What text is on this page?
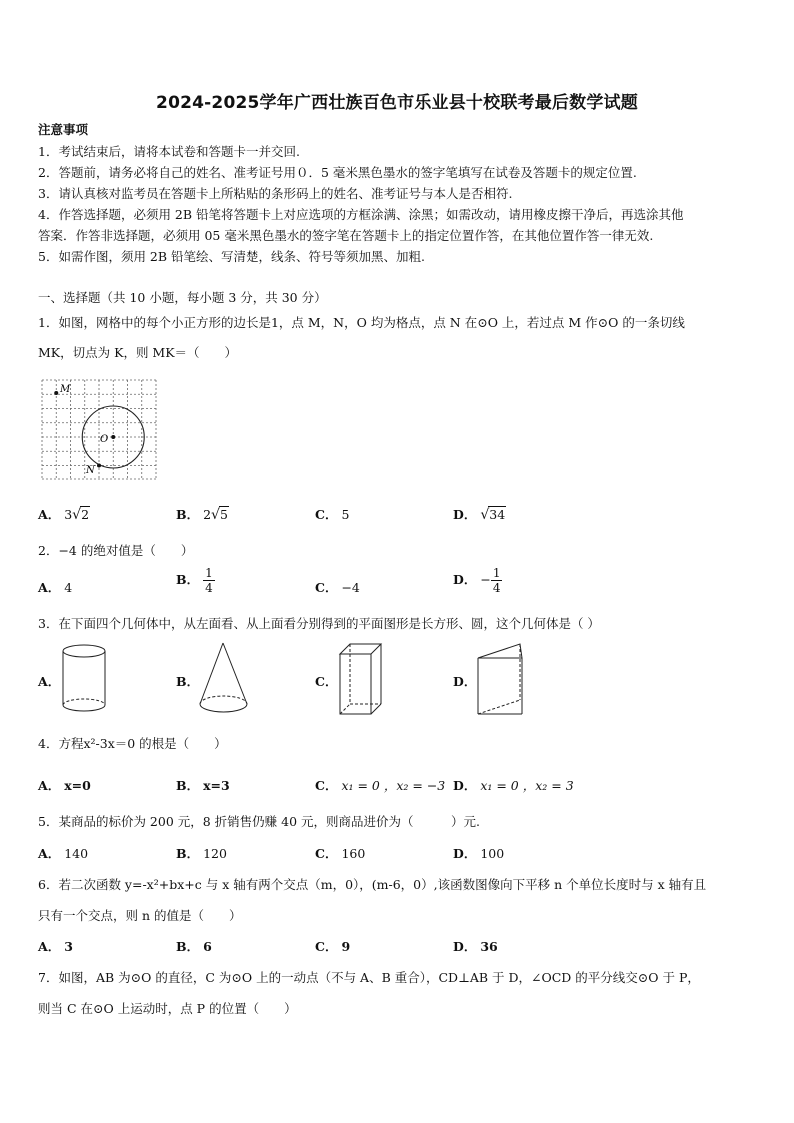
2024-2025学年广西壮族百色市乐业县十校联考最后数学试题
注意事项
1．考试结束后，请将本试卷和答题卡一并交回.
2．答题前，请务必将自己的姓名、准考证号用０．5 毫米黑色墨水的签字笔填写在试卷及答题卡的规定位置.
3．请认真核对监考员在答题卡上所粘贴的条形码上的姓名、准考证号与本人是否相符.
4．作答选择题，必须用 2B 铅笔将答题卡上对应选项的方框涂满、涂黑；如需改动，请用橡皮擦干净后，再选涂其他
答案．作答非选择题，必须用 05 毫米黑色墨水的签字笔在答题卡上的指定位置作答，在其他位置作答一律无效.
5．如需作图，须用 2B 铅笔绘、写清楚，线条、符号等须加黑、加粗.
一、选择题（共 10 小题，每小题 3 分，共 30 分）
1．如图，网格中的每个小正方形的边长是1，点 M，N，O 均为格点，点 N 在⊙O 上，若过点 M 作⊙O 的一条切线
MK，切点为 K，则 MK＝（　　）
M
O
N
A． 3√2	B． 2√5	C． 5	D． √34
2．−4 的绝对值是（　　）
A． 4
B． $\frac{1}{4}$	C． −4
D． − $\frac{1}{4}$
3．在下面四个几何体中，从左面看、从上面看分别得到的平面图形是长方形、圆，这个几何体是（ ）
A．	B．	C．	D．
4．方程x²-3x＝0 的根是（　　）
A． x=0	B． x=3	C． x₁ = 0 ，x₂ = −3 D． x₁ = 0 ，x₂ = 3
5．某商品的标价为 200 元，8 折销售仍赚 40 元，则商品进价为（　　　）元.
A． 140	B． 120	C． 160	D． 100
6．若二次函数 y=-x²+bx+c 与 x 轴有两个交点（m，0），(m-6，0）,该函数图像向下平移 n 个单位长度时与 x 轴有且
只有一个交点，则 n 的值是（　　）
A． 3	B． 6	C． 9	D． 36
7．如图，AB 为⊙O 的直径，C 为⊙O 上的一动点（不与 A、B 重合），CD⊥AB 于 D，∠OCD 的平分线交⊙O 于 P，
则当 C 在⊙O 上运动时，点 P 的位置（　　）
